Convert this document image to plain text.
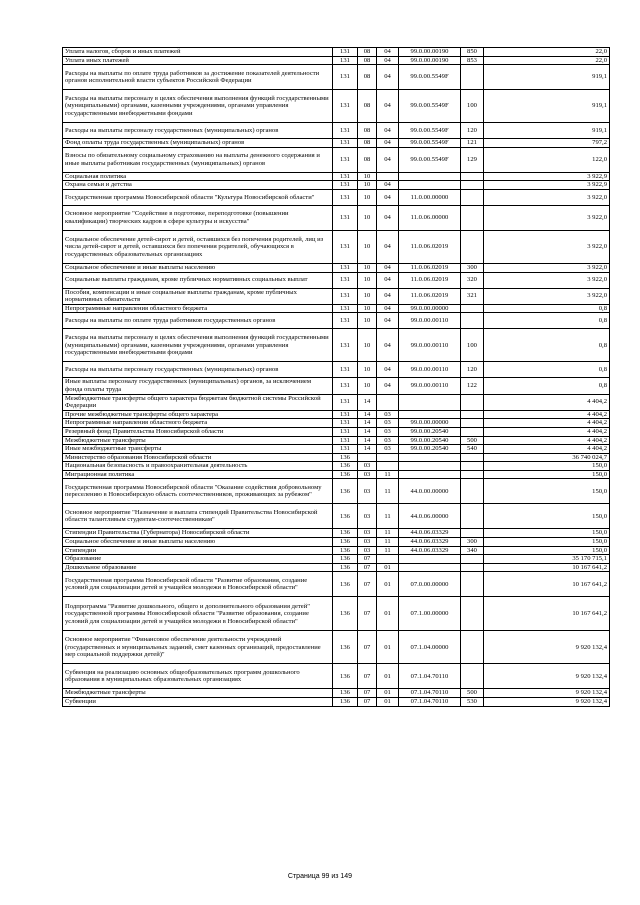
Уплата налогов, сборов и иных платежей	131	08	04	99.0.00.00190	850	22,0
Уплата иных платежей	131	08	04	99.0.00.00190	853	22,0
Расходы на выплаты по оплате труда работников за достижение показателей деятельности органов исполнительной власти субъектов Российской Федерации	131	08	04	99.0.00.5549F		919,1
Расходы на выплаты персоналу в целях обеспечения выполнения функций государственными (муниципальными) органами, казенными учреждениями, органами управления государственными внебюджетными фондами	131	08	04	99.0.00.5549F	100	919,1
Расходы на выплаты персоналу государственных (муниципальных) органов	131	08	04	99.0.00.5549F	120	919,1
Фонд оплаты труда государственных (муниципальных) органов	131	08	04	99.0.00.5549F	121	797,2
Взносы по обязательному социальному страхованию на выплаты денежного содержания и иные выплаты работникам государственных (муниципальных) органов	131	08	04	99.0.00.5549F	129	122,0
Социальная политика	131	10				3 922,9
Охрана семьи и детства	131	10	04			3 922,9
Государственная программа Новосибирской области "Культура Новосибирской области"	131	10	04	11.0.00.00000		3 922,0
Основное мероприятие "Содействие в подготовке, переподготовке (повышении квалификации) творческих кадров в сфере культуры и искусства"	131	10	04	11.0.06.00000		3 922,0
Социальное обеспечение детей-сирот и детей, оставшихся без попечения родителей, лиц из числа детей-сирот и детей, оставшихся без попечения родителей, обучающихся в государственных образовательных организациях	131	10	04	11.0.06.02019		3 922,0
Социальное обеспечение и иные выплаты населению	131	10	04	11.0.06.02019	300	3 922,0
Социальные выплаты гражданам, кроме публичных нормативных социальных выплат	131	10	04	11.0.06.02019	320	3 922,0
Пособия, компенсации и иные социальные выплаты гражданам, кроме публичных нормативных обязательств	131	10	04	11.0.06.02019	321	3 922,0
Непрограммные направления областного бюджета	131	10	04	99.0.00.00000		0,8
Расходы на выплаты по оплате труда работников государственных органов	131	10	04	99.0.00.00110		0,8
Расходы на выплаты персоналу в целях обеспечения выполнения функций государственными (муниципальными) органами, казенными учреждениями, органами управления государственными внебюджетными фондами	131	10	04	99.0.00.00110	100	0,8
Расходы на выплаты персоналу государственных (муниципальных) органов	131	10	04	99.0.00.00110	120	0,8
Иные выплаты персоналу государственных (муниципальных) органов, за исключением фонда оплаты труда	131	10	04	99.0.00.00110	122	0,8
Межбюджетные трансферты общего характера бюджетам бюджетной системы Российской Федерации	131	14				4 404,2
Прочие межбюджетные трансферты общего характера	131	14	03			4 404,2
Непрограммные направления областного бюджета	131	14	03	99.0.00.00000		4 404,2
Резервный фонд Правительства Новосибирской области	131	14	03	99.0.00.20540		4 404,2
Межбюджетные трансферты	131	14	03	99.0.00.20540	500	4 404,2
Иные межбюджетные трансферты	131	14	03	99.0.00.20540	540	4 404,2
Министерство образования Новосибирской области	136					36 740 024,7
Национальная безопасность и правоохранительная деятельность	136	03				150,0
Миграционная политика	136	03	11			150,0
Государственная программа Новосибирской области "Оказание содействия добровольному переселению в Новосибирскую область соотечественников, проживающих за рубежом"	136	03	11	44.0.00.00000		150,0
Основное мероприятие "Назначение и выплата стипендий Правительства Новосибирской области талантливым студентам-соотечественникам"	136	03	11	44.0.06.00000		150,0
Стипендии Правительства (Губернатора) Новосибирской области	136	03	11	44.0.06.03329		150,0
Социальное обеспечение и иные выплаты населению	136	03	11	44.0.06.03329	300	150,0
Стипендии	136	03	11	44.0.06.03329	340	150,0
Образование	136	07				35 170 715,1
Дошкольное образование	136	07	01			10 167 641,2
Государственная программа Новосибирской области "Развитие образования, создание условий для социализации детей и учащейся молодежи в Новосибирской области"	136	07	01	07.0.00.00000		10 167 641,2
Подпрограмма "Развитие дошкольного, общего и дополнительного образования детей" государственной программы Новосибирской области "Развитие образования, создание условий для социализации детей и учащейся молодежи в Новосибирской области"	136	07	01	07.1.00.00000		10 167 641,2
Основное мероприятие "Финансовое обеспечение деятельности учреждений (государственных и муниципальных заданий, смет казенных организаций, предоставление мер социальной поддержки детей)"	136	07	01	07.1.04.00000		9 920 132,4
Субвенция на реализацию основных общеобразовательных программ дошкольного образования в муниципальных образовательных организациях	136	07	01	07.1.04.70110		9 920 132,4
Межбюджетные трансферты	136	07	01	07.1.04.70110	500	9 920 132,4
Субвенции	136	07	01	07.1.04.70110	530	9 920 132,4
Страница 99 из 149
